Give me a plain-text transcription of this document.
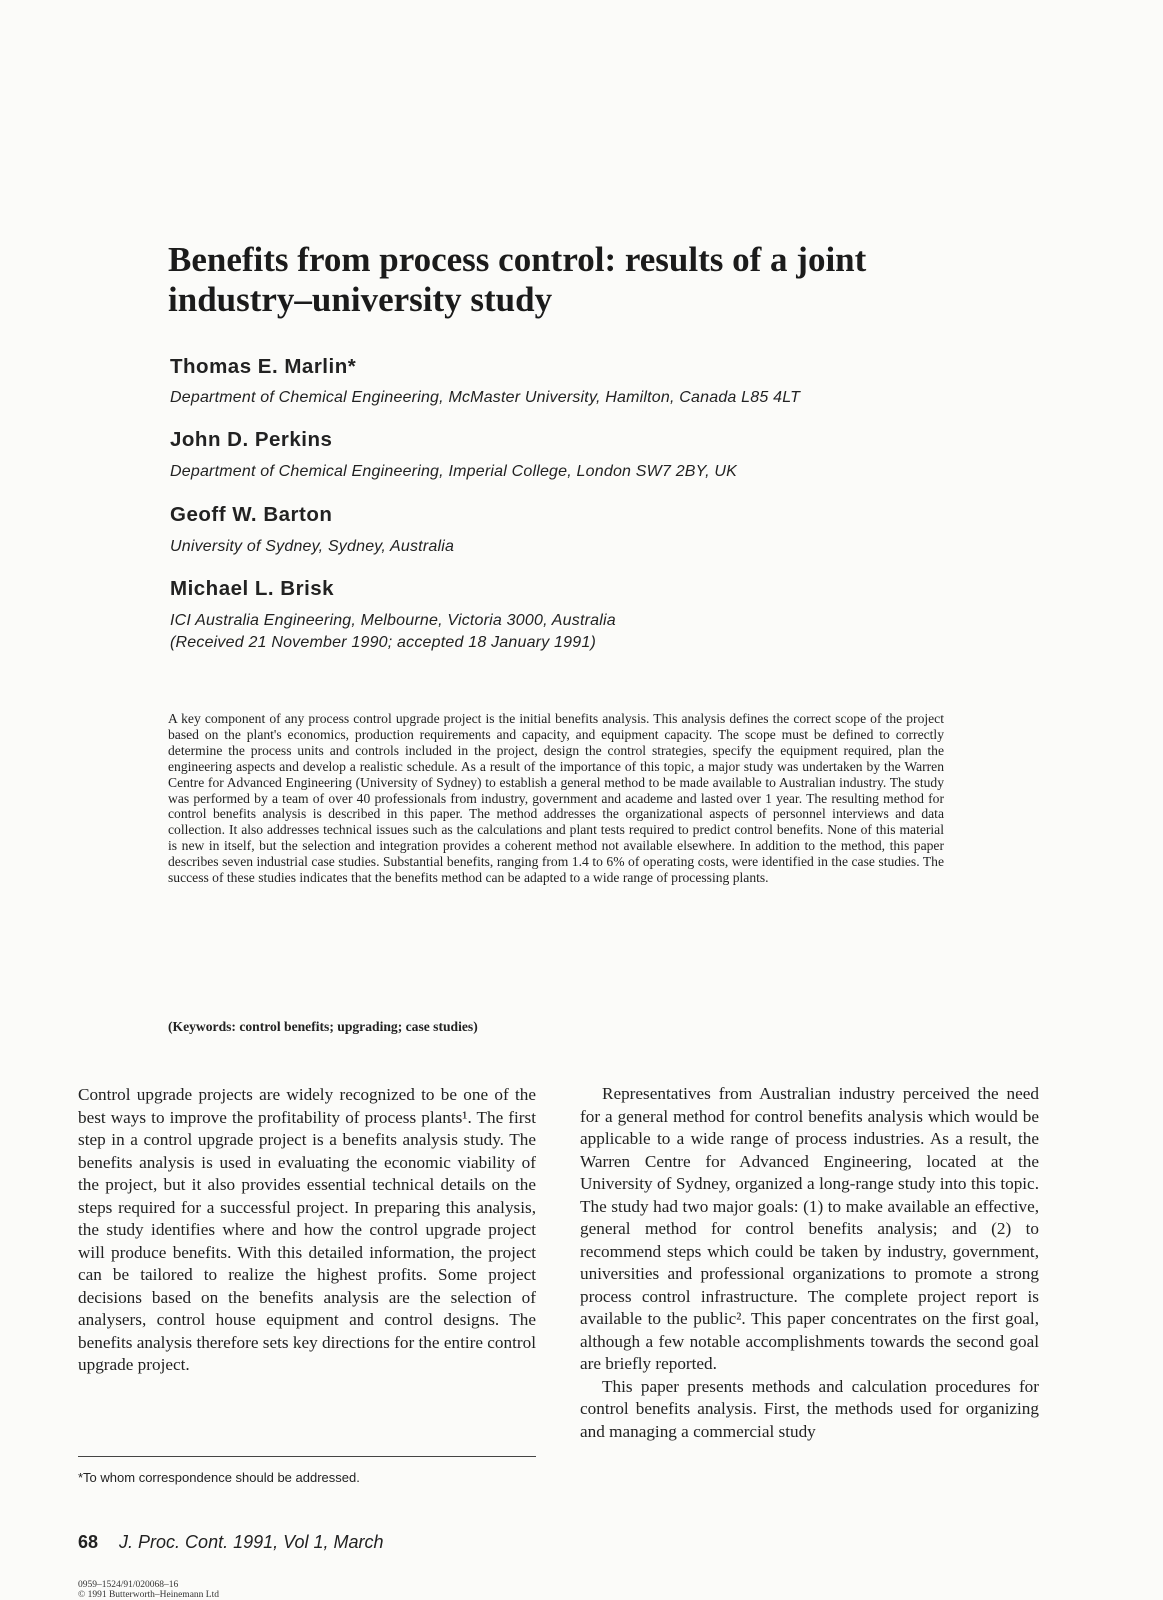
Benefits from process control: results of a joint industry–university study
Thomas E. Marlin*

Department of Chemical Engineering, McMaster University, Hamilton, Canada L85 4LT

John D. Perkins

Department of Chemical Engineering, Imperial College, London SW7 2BY, UK

Geoff W. Barton

University of Sydney, Sydney, Australia

Michael L. Brisk

ICI Australia Engineering, Melbourne, Victoria 3000, Australia

(Received 21 November 1990; accepted 18 January 1991)

A key component of any process control upgrade project is the initial benefits analysis. This analysis defines the correct scope of the project based on the plant's economics, production requirements and capacity, and equipment capacity. The scope must be defined to correctly determine the process units and controls included in the project, design the control strategies, specify the equipment required, plan the engineering aspects and develop a realistic schedule. As a result of the importance of this topic, a major study was undertaken by the Warren Centre for Advanced Engineering (University of Sydney) to establish a general method to be made available to Australian industry. The study was performed by a team of over 40 professionals from industry, government and academe and lasted over 1 year. The resulting method for control benefits analysis is described in this paper. The method addresses the organizational aspects of personnel interviews and data collection. It also addresses technical issues such as the calculations and plant tests required to predict control benefits. None of this material is new in itself, but the selection and integration provides a coherent method not available elsewhere. In addition to the method, this paper describes seven industrial case studies. Substantial benefits, ranging from 1.4 to 6% of operating costs, were identified in the case studies. The success of these studies indicates that the benefits method can be adapted to a wide range of processing plants.

(Keywords: control benefits; upgrading; case studies)

Control upgrade projects are widely recognized to be one of the best ways to improve the profitability of process plants¹. The first step in a control upgrade project is a benefits analysis study. The benefits analysis is used in evaluating the economic viability of the project, but it also provides essential technical details on the steps required for a successful project. In preparing this analysis, the study identifies where and how the control upgrade project will produce benefits. With this detailed information, the project can be tailored to realize the highest profits. Some project decisions based on the benefits analysis are the selection of analysers, control house equipment and control designs. The benefits analysis therefore sets key directions for the entire control upgrade project.

Representatives from Australian industry perceived the need for a general method for control benefits analysis which would be applicable to a wide range of process industries. As a result, the Warren Centre for Advanced Engineering, located at the University of Sydney, organized a long-range study into this topic. The study had two major goals: (1) to make available an effective, general method for control benefits analysis; and (2) to recommend steps which could be taken by industry, government, universities and professional organizations to promote a strong process control infrastructure. The complete project report is available to the public². This paper concentrates on the first goal, although a few notable accomplishments towards the second goal are briefly reported.

This paper presents methods and calculation procedures for control benefits analysis. First, the methods used for organizing and managing a commercial study

*To whom correspondence should be addressed.

68 J. Proc. Cont. 1991, Vol 1, March
0959–1524/91/020068–16
© 1991 Butterworth–Heinemann Ltd
